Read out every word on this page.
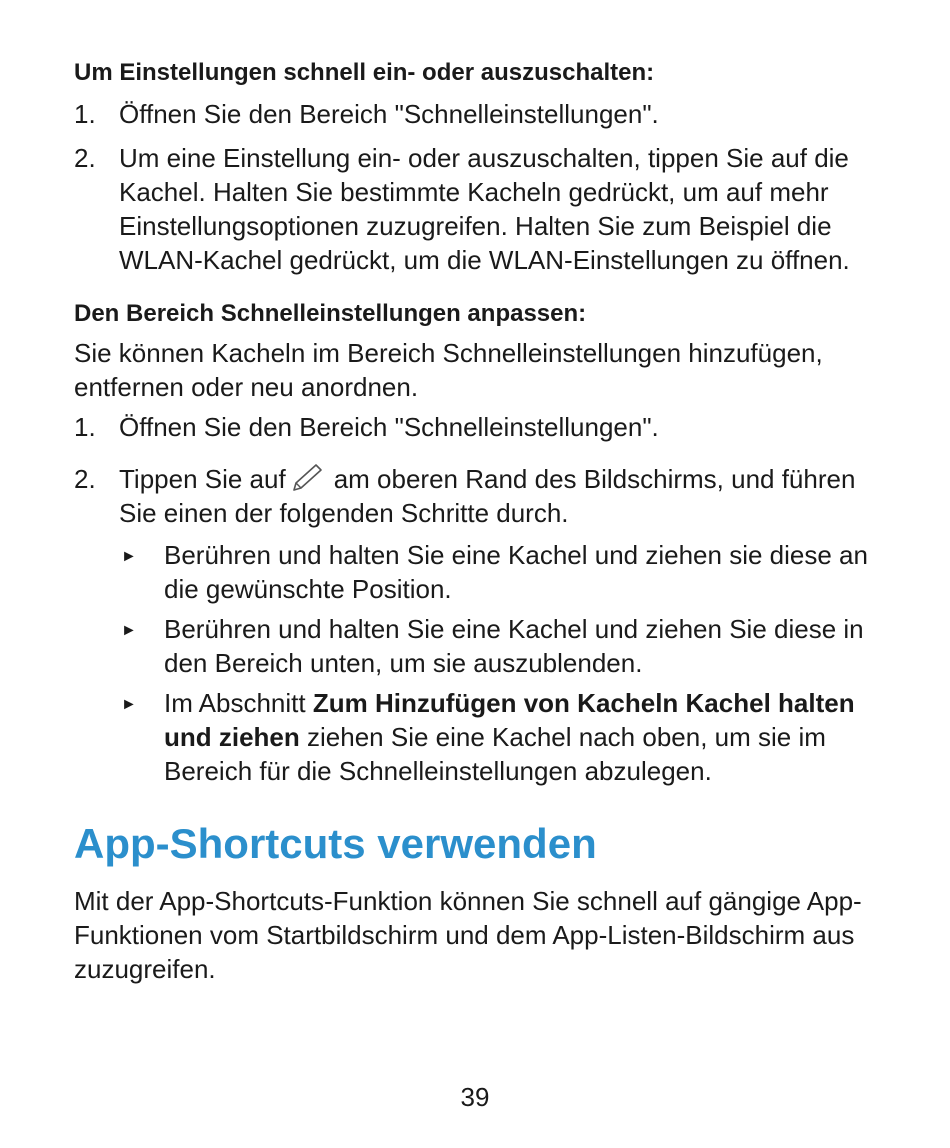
Um Einstellungen schnell ein- oder auszuschalten:

1. Öffnen Sie den Bereich "Schnelleinstellungen".
2. Um eine Einstellung ein- oder auszuschalten, tippen Sie auf die Kachel. Halten Sie bestimmte Kacheln gedrückt, um auf mehr Einstellungsoptionen zuzugreifen. Halten Sie zum Beispiel die WLAN-Kachel gedrückt, um die WLAN-Einstellungen zu öffnen.

Den Bereich Schnelleinstellungen anpassen:

Sie können Kacheln im Bereich Schnelleinstellungen hinzufügen, entfernen oder neu anordnen.

1. Öffnen Sie den Bereich "Schnelleinstellungen".
2. Tippen Sie auf am oberen Rand des Bildschirms, und führen Sie einen der folgenden Schritte durch.
► Berühren und halten Sie eine Kachel und ziehen sie diese an die gewünschte Position.
► Berühren und halten Sie eine Kachel und ziehen Sie diese in den Bereich unten, um sie auszublenden.
► Im Abschnitt Zum Hinzufügen von Kacheln Kachel halten und ziehen ziehen Sie eine Kachel nach oben, um sie im Bereich für die Schnelleinstellungen abzulegen.
App-Shortcuts verwenden

Mit der App-Shortcuts-Funktion können Sie schnell auf gängige App-Funktionen vom Startbildschirm und dem App-Listen-Bildschirm aus zuzugreifen.

39
